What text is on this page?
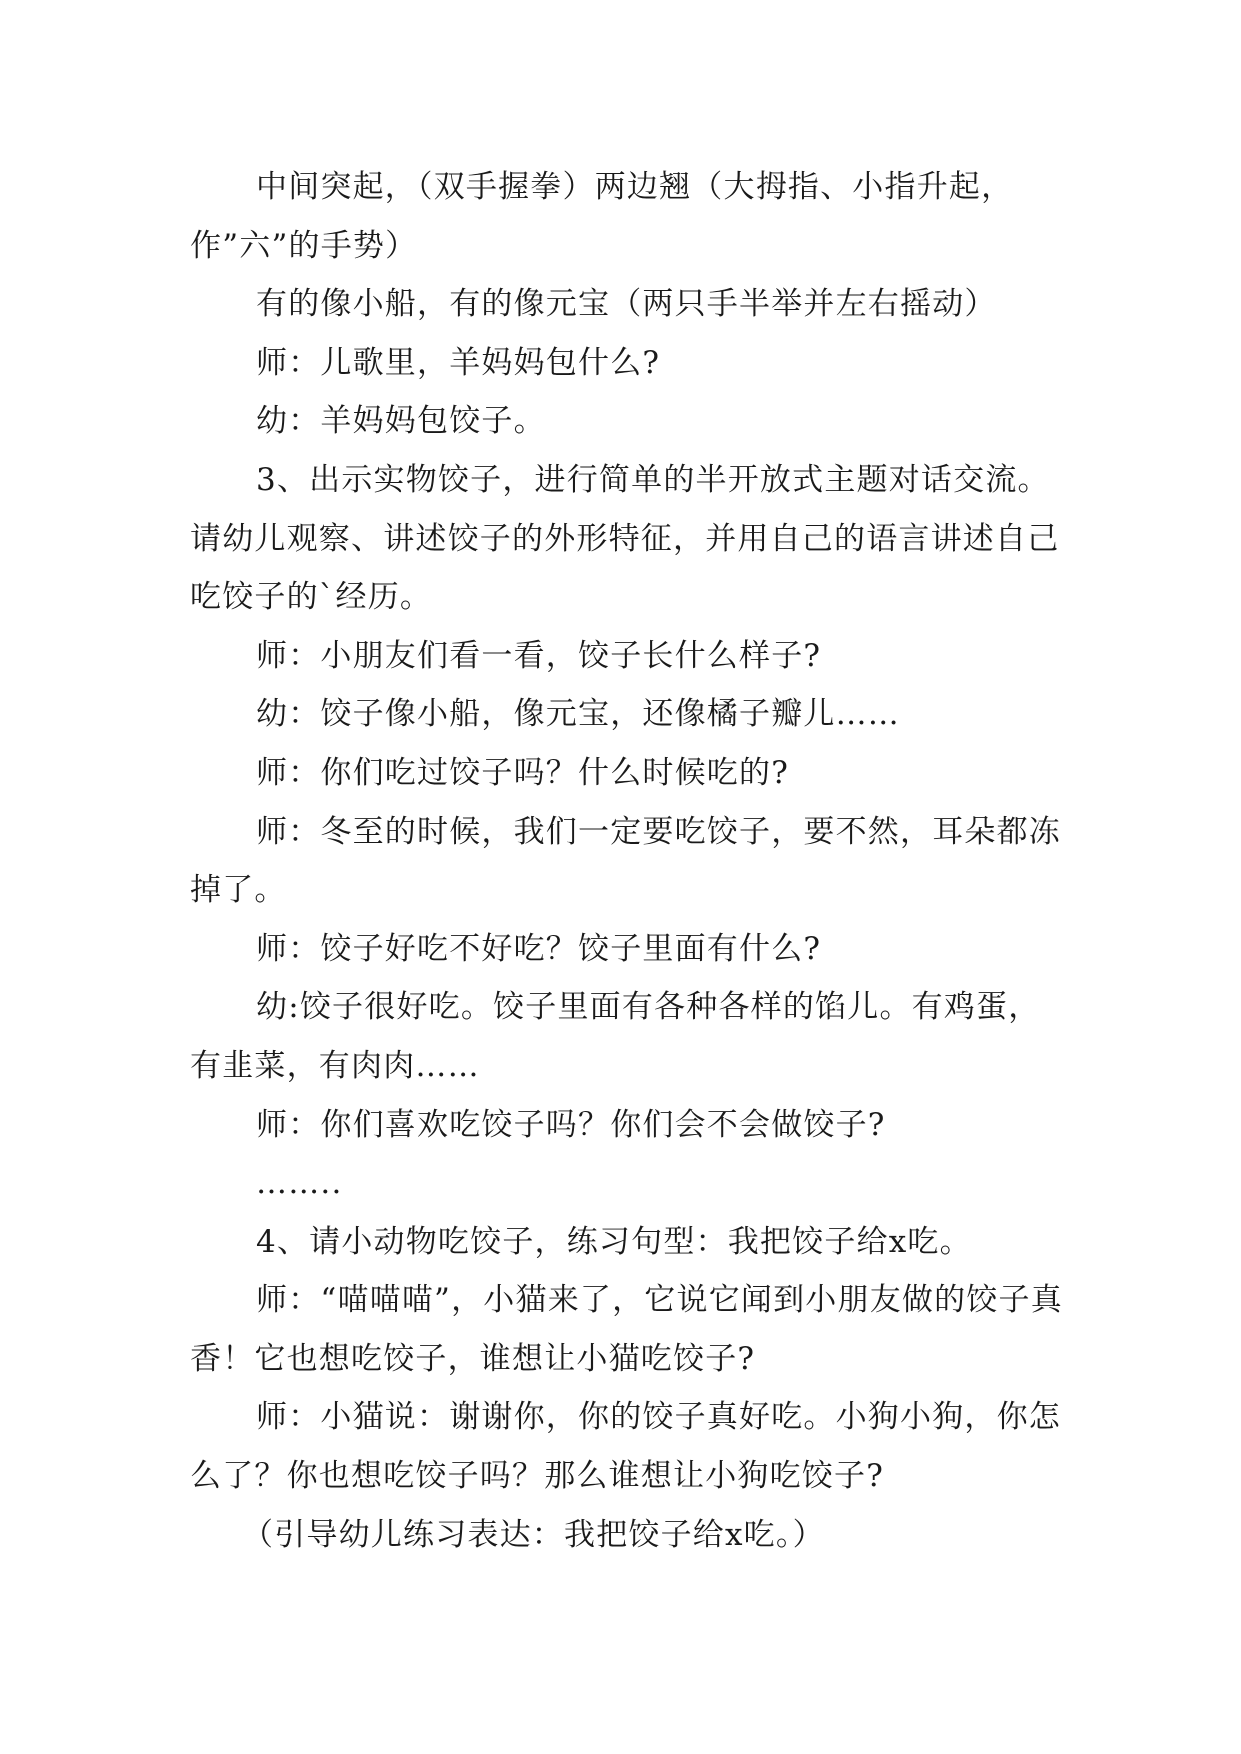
中间突起，（双手握拳）两边翘（大拇指、小指升起，作”六”的手势）

有的像小船，有的像元宝（两只手半举并左右摇动）

师：儿歌里，羊妈妈包什么?

幼：羊妈妈包饺子。

3、出示实物饺子，进行简单的半开放式主题对话交流。请幼儿观察、讲述饺子的外形特征，并用自己的语言讲述自己吃饺子的`经历。

师：小朋友们看一看，饺子长什么样子?

幼：饺子像小船，像元宝，还像橘子瓣儿……

师：你们吃过饺子吗？什么时候吃的?

师：冬至的时候，我们一定要吃饺子，要不然，耳朵都冻掉了。

师：饺子好吃不好吃？饺子里面有什么?

幼:饺子很好吃。饺子里面有各种各样的馅儿。有鸡蛋，有韭菜，有肉肉……

师：你们喜欢吃饺子吗？你们会不会做饺子?

……..

4、请小动物吃饺子，练习句型：我把饺子给x吃。

师：“喵喵喵”，小猫来了，它说它闻到小朋友做的饺子真香！它也想吃饺子，谁想让小猫吃饺子?

师：小猫说：谢谢你，你的饺子真好吃。小狗小狗，你怎么了？你也想吃饺子吗？那么谁想让小狗吃饺子?

（引导幼儿练习表达：我把饺子给x吃。）
